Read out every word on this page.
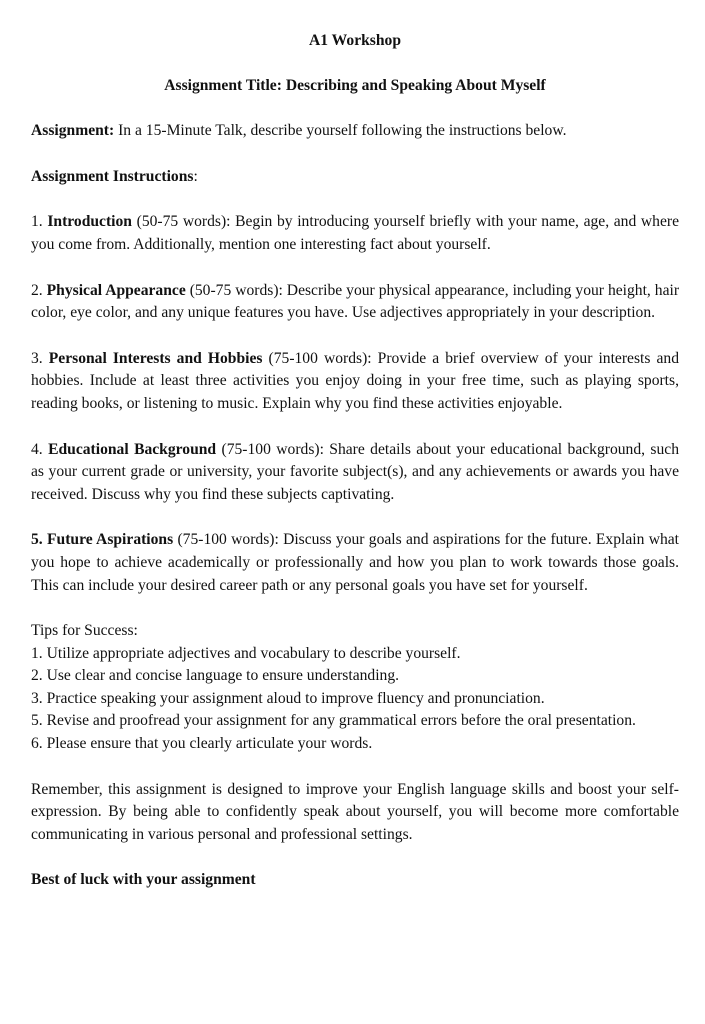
A1 Workshop

Assignment Title: Describing and Speaking About Myself

Assignment: In a 15-Minute Talk, describe yourself following the instructions below.

Assignment Instructions:

1. Introduction (50-75 words): Begin by introducing yourself briefly with your name, age, and where you come from. Additionally, mention one interesting fact about yourself.

2. Physical Appearance (50-75 words): Describe your physical appearance, including your height, hair color, eye color, and any unique features you have. Use adjectives appropriately in your description.

3. Personal Interests and Hobbies (75-100 words): Provide a brief overview of your interests and hobbies. Include at least three activities you enjoy doing in your free time, such as playing sports, reading books, or listening to music. Explain why you find these activities enjoyable.

4. Educational Background (75-100 words): Share details about your educational background, such as your current grade or university, your favorite subject(s), and any achievements or awards you have received. Discuss why you find these subjects captivating.

5. Future Aspirations (75-100 words): Discuss your goals and aspirations for the future. Explain what you hope to achieve academically or professionally and how you plan to work towards those goals. This can include your desired career path or any personal goals you have set for yourself.

Tips for Success:

1. Utilize appropriate adjectives and vocabulary to describe yourself.
2. Use clear and concise language to ensure understanding.
3. Practice speaking your assignment aloud to improve fluency and pronunciation.
5. Revise and proofread your assignment for any grammatical errors before the oral presentation.
6. Please ensure that you clearly articulate your words.

Remember, this assignment is designed to improve your English language skills and boost your self-expression. By being able to confidently speak about yourself, you will become more comfortable communicating in various personal and professional settings.

Best of luck with your assignment
